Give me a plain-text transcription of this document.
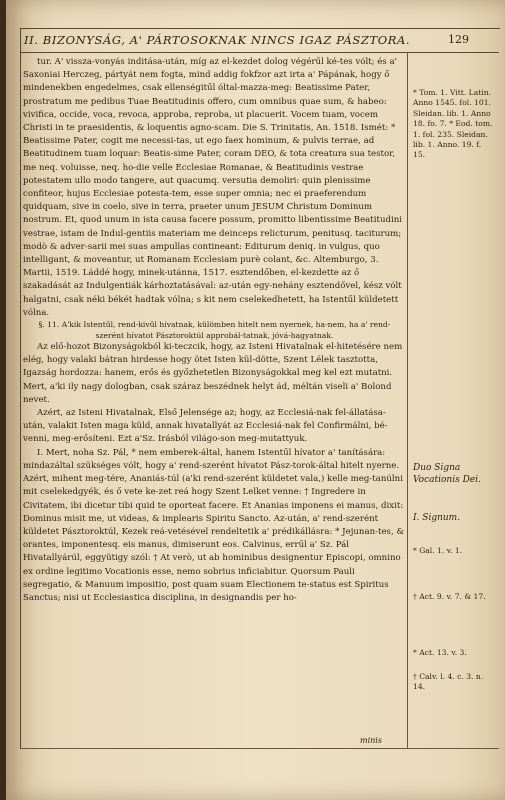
II. BIZONYSÁG, A' PÁRTOSOKNAK NINCS IGAZ PÁSZTORA.	129

tur. A' vissza-vonyás inditása-után, míg az el-kezdet dolog végérűl ké-tes vólt; és a' Saxoniai Herczeg, pártyát nem fogta, mind addig fokfzor azt irta a' Pápának, hogy ő mindenekben engedelmes, csak ellenségitűl óltal-mazza-meg: Beatissime Pater, prostratum me pedibus Tuae Beatitudinis offero, cum omnibus quae sum, & habeo: vivifica, occide, voca, revoca, approba, reproba, ut placuerit. Vocem tuam, vocem Christi in te praesidentis, & loquentis agno-scam. Die S. Trinitatis, An. 1518. Ismét: * Beatissime Pater, cogit me necessi-tas, ut ego faex hominum, & pulvis terrae, ad Beatitudinem tuam loquar: Beatis-sime Pater, coram DEO, & tota creatura sua testor, me neq. voluisse, neq. ho-die velle Ecclesiae Romanae, & Beatitudinis vestrae potestatem ullo modo tangere, aut quacumq. versutia demoliri: quin plenissime confiteor, hujus Ecclesiae potesta-tem, esse super omnia; nec ei praeferendum quidquam, sive in coelo, sive in terra, praeter unum JESUM Christum Dominum nostrum. Et, quod unum in ista causa facere possum, promitto libentissime Beatitudini vestrae, istam de Indul-gentiis materiam me deinceps relicturum, penitusq. taciturum; modò & adver-sarii mei suas ampullas contineant: Editurum deniq. in vulgus, quo intelligant, & moveantur, ut Romanam Ecclesiam purè colant, &c. Altemburgo, 3. Martii, 1519. Láddé hogy, minek-utánna, 1517. esztendőben, el-kezdette az ő szakadását az Indulgentiák kárhoztatásával: az-után egy-nehány esztendővel, kész vólt halgatni, csak néki békét hadtak vólna; s kit nem cselekedhetett, ha Istentűl küldetett vólna.

§. 11. A'kik Istentűl, rend-kivűl hívatnak, külömben hitelt nem nyernek, ha-nem, ha a' rend-szerént hívatot Pásztoroktúl approbál-tatnak, jóvá-hagyatnak.

Az elő-hozot Bizonyságokból ki-teczcik, hogy, az Isteni Hivatalnak el-hitetésére nem elég, hogy valaki bátran hirdesse hogy ötet Isten kül-dötte, Szent Lélek tasztotta, Igazság hordozza: hanem, erős és győzhetetlen Bizonyságokkal meg kel ezt mutatni. Mert, a'ki ily nagy dologban, csak száraz beszédnek helyt ád, méltán viseli a' Bolond nevet.

Azért, az Isteni Hivatalnak, Első Jelensége az; hogy, az Ecclesiá-nak fel-állatása-után, valakit Isten maga küld, annak hivatallyát az Ecclesiá-nak fel Confirmálni, bé-venni, meg-erősíteni. Ezt a'Sz. Irásból világo-son meg-mutattyuk.

I. Mert, noha Sz. Pál, * nem emberek-által, hanem Istentűl hívator a' tanítására: mindazáltal szükséges vólt, hogy a' rend-szerént hívatot Pász-torok-által hitelt nyerne. Azért, mihent meg-tére, Ananiás-túl (a'ki rend-szerént küldetet vala,) kelle meg-tanúlni mit cselekedgyék, és ő vete ke-zet reá hogy Szent Lelket venne: † Ingredere in Civitatem, ibi dicetur tibi quid te oporteat facere. Et Ananias imponens ei manus, dixit: Dominus misit me, ut videas, & implearis Spiritu Sancto. Az-után, a' rend-szerént küldetet Pásztoroktúl, Kezek reá-vetésével rendeltetik a' prédikállásra: * Jejunan-tes, & orantes, imponentesq. eis manus, dimiserunt eos. Calvinus, errűl a' Sz. Pál Hivatallyárúl, eggyütigy szól: † At verò, ut ab hominibus designentur Episcopi, omnino ex ordine legitimo Vocationis esse, nemo sobrius inficiabitur. Quorsum Pauli segregatio, & Manuum impositio, post quam suam Electionem te-status est Spiritus Sanctus; nisi ut Ecclesiastica disciplina, in designandis per ho-

minis

* Tom. 1. Vitt. Latin. Anno 1545. fol. 101. Sleidan. lib. 1. Anno 18. fo. 7. * Eod. tom. 1. fol. 235. Sleidan. lib. 1. Anno. 19. f. 15.

Duo Signa Vocationis Dei.

I. Signum.

* Gal. 1. v. 1.

† Act. 9. v. 7. & 17.

* Act. 13. v. 3.

† Calv. l. 4. c. 3. n. 14.
